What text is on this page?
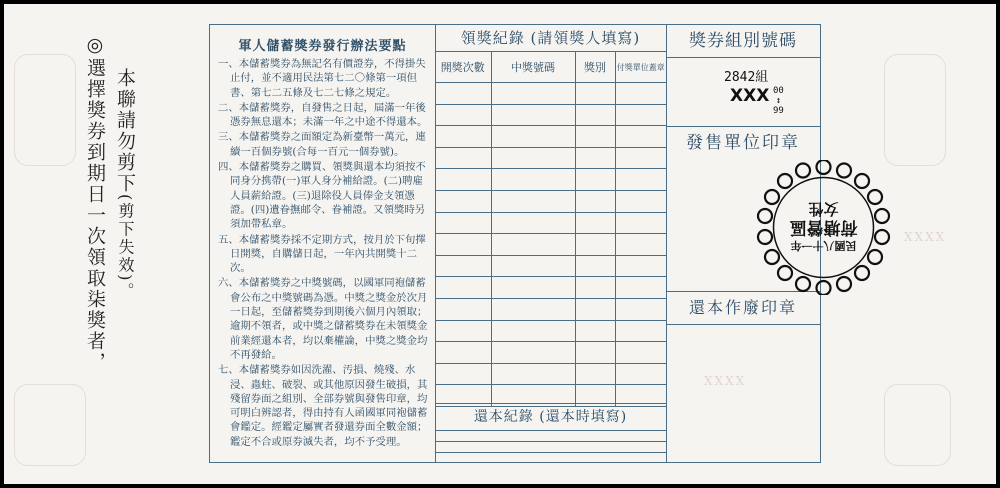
XXXX
XXXX
本聯請勿剪下(剪下失效)。
◎選擇獎券到期日一次領取柒獎者，
軍人儲蓄獎券發行辦法要點

一、本儲蓄獎券為無記名有價證券，不得掛失止付，並不適用民法第七二〇條第一項但書、第七二五條及七二七條之規定。

二、本儲蓄獎券，自發售之日起，屆滿一年後憑券無息還本；未滿一年之中途不得還本。

三、本儲蓄獎券之面額定為新臺幣一萬元，連續一百個券號(合每一百元一個券號)。

四、本儲蓄獎券之購買、領獎與還本均須按不同身分携帶(一)軍人身分補給證。(二)聘雇人員薪給證。(三)退除役人員俸金支領憑證。(四)遺眷撫邮令、眷補證。又領獎時另須加帶私章。

五、本儲蓄獎券採不定期方式，按月於下旬擇日開獎，自購儲日起，一年內共開獎十二次。

六、本儲蓄獎券之中獎號碼，以國軍同袍儲蓄會公布之中獎號碼為憑。中獎之獎金於次月一日起，至儲蓄獎券到期後六個月內領取；逾期不領者，或中獎之儲蓄獎券在未領獎金前業經還本者，均以棄權論，中獎之獎金均不再發給。

七、本儲蓄獎券如因洗濯、汚損、燒殘、水浸、蟲蛀、破裂、或其他原因發生破損，其殘留券面之組別、全部券號與發售印章，均可明白辨認者，得由持有人函國軍同袍儲蓄會鑑定。經鑑定屬實者發還券面全數金額；鑑定不合或原券滅失者，均不予受理。

領獎紀錄 (請領獎人填寫)
開獎次數	中獎號碼	獎別	付獎單位蓋章

還本紀錄 (還本時填寫)
獎券組別號碼
2842組
XXX 00
↕
99
發售單位印章
還本作廢印章
民國八十一年
荷塘營區
女性
